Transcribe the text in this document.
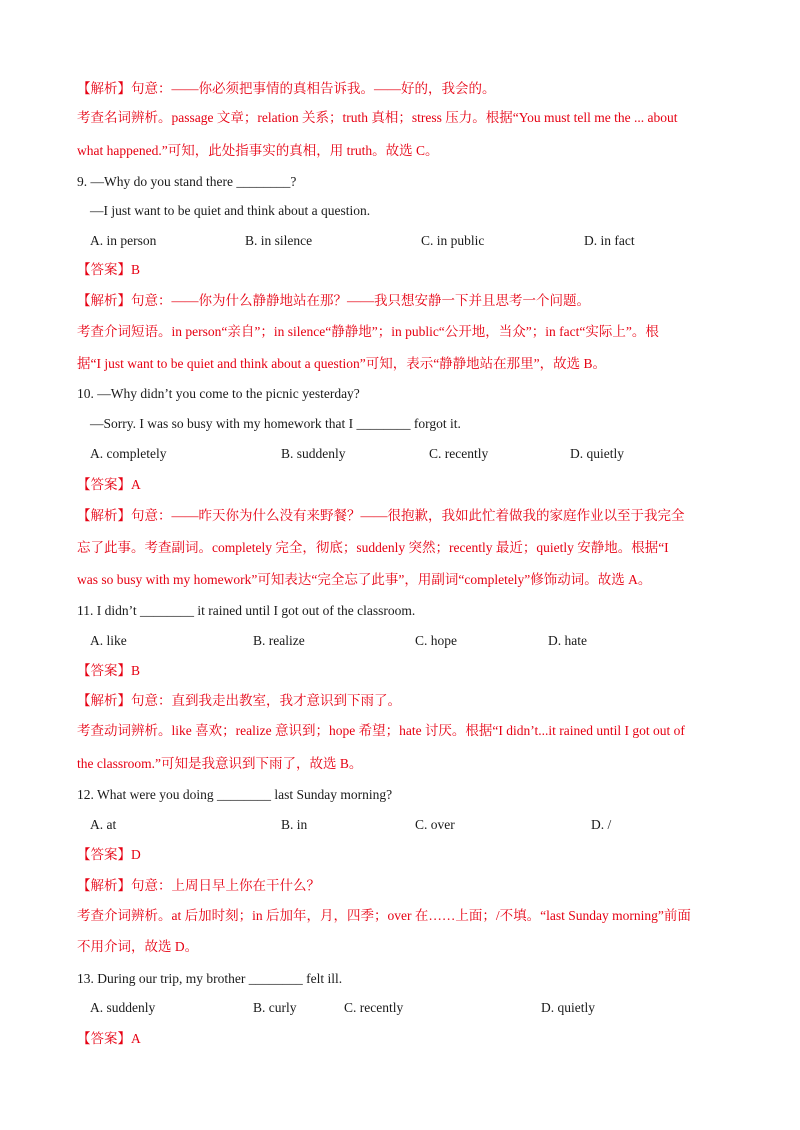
【解析】句意：——你必须把事情的真相告诉我。——好的，我会的。
考查名词辨析。passage 文章；relation 关系；truth 真相；stress 压力。根据“You must tell me the ... about
what happened.”可知，此处指事实的真相，用 truth。故选 C。
9. —Why do you stand there ________?
—I just want to be quiet and think about a question.
A. in person	B. in silence	C. in public	D. in fact
【答案】B
【解析】句意：——你为什么静静地站在那？——我只想安静一下并且思考一个问题。
考查介词短语。in person“亲自”；in silence“静静地”；in public“公开地，当众”；in fact“实际上”。根
据“I just want to be quiet and think about a question”可知，表示“静静地站在那里”，故选 B。
10. —Why didn’t you come to the picnic yesterday?
—Sorry. I was so busy with my homework that I ________ forgot it.
A. completely	B. suddenly	C. recently	D. quietly
【答案】A
【解析】句意：——昨天你为什么没有来野餐？——很抱歉，我如此忙着做我的家庭作业以至于我完全
忘了此事。考查副词。completely 完全，彻底；suddenly 突然；recently 最近；quietly 安静地。根据“I
was so busy with my homework”可知表达“完全忘了此事”，用副词“completely”修饰动词。故选 A。
11. I didn’t ________ it rained until I got out of the classroom.
A. like	B. realize	C. hope	D. hate
【答案】B
【解析】句意：直到我走出教室，我才意识到下雨了。
考查动词辨析。like 喜欢；realize 意识到；hope 希望；hate 讨厌。根据“I didn’t...it rained until I got out of
the classroom.”可知是我意识到下雨了，故选 B。
12. What were you doing ________ last Sunday morning?
A. at	B. in	C. over	D. /
【答案】D
【解析】句意：上周日早上你在干什么？
考查介词辨析。at 后加时刻；in 后加年，月，四季；over 在……上面；/不填。“last Sunday morning”前面
不用介词，故选 D。
13. During our trip, my brother ________ felt ill.
A. suddenly	B. curly	C. recently	D. quietly
【答案】A
